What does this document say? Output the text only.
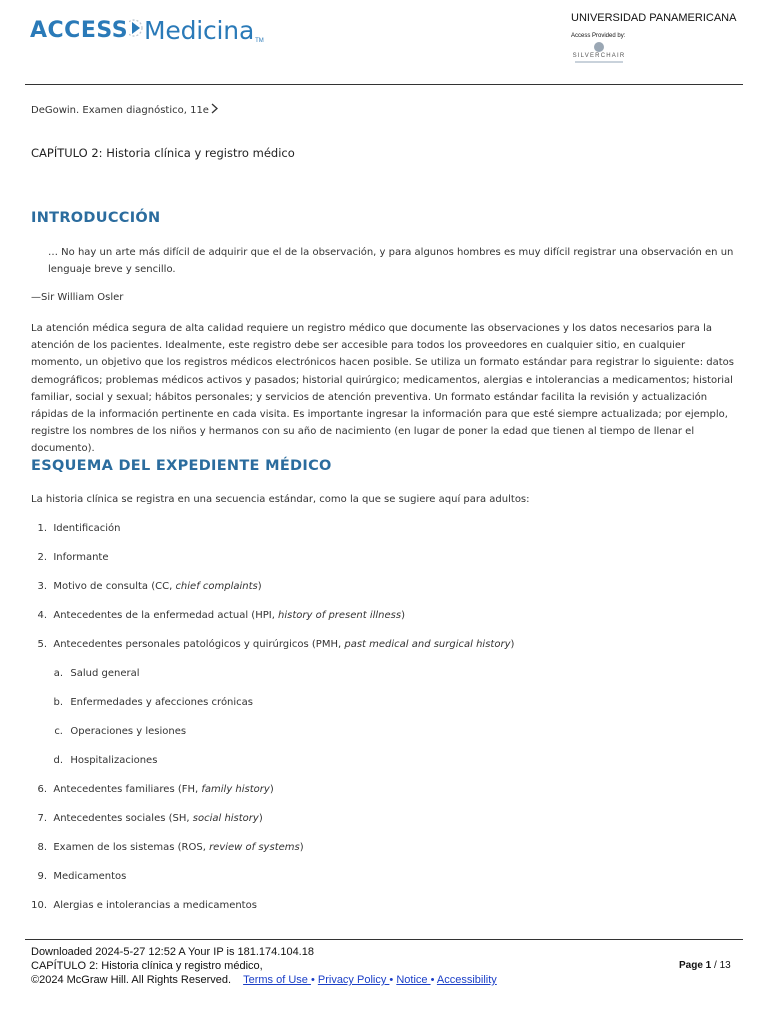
ACCESS Medicina TM
UNIVERSIDAD PANAMERICANA
Access Provided by:
SILVERCHAIR
DeGowin. Examen diagnóstico, 11e
CAPÍTULO 2: Historia clínica y registro médico
INTRODUCCIÓN
… No hay un arte más difícil de adquirir que el de la observación, y para algunos hombres es muy difícil registrar una observación en un lenguaje breve y sencillo.
—Sir William Osler
La atención médica segura de alta calidad requiere un registro médico que documente las observaciones y los datos necesarios para la atención de los pacientes. Idealmente, este registro debe ser accesible para todos los proveedores en cualquier sitio, en cualquier momento, un objetivo que los registros médicos electrónicos hacen posible. Se utiliza un formato estándar para registrar lo siguiente: datos demográficos; problemas médicos activos y pasados; historial quirúrgico; medicamentos, alergias e intolerancias a medicamentos; historial familiar, social y sexual; hábitos personales; y servicios de atención preventiva. Un formato estándar facilita la revisión y actualización rápidas de la información pertinente en cada visita. Es importante ingresar la información para que esté siempre actualizada; por ejemplo, registre los nombres de los niños y hermanos con su año de nacimiento (en lugar de poner la edad que tienen al tiempo de llenar el documento).
ESQUEMA DEL EXPEDIENTE MÉDICO
La historia clínica se registra en una secuencia estándar, como la que se sugiere aquí para adultos:
1.
Identificación
2.
Informante
3.
Motivo de consulta (CC, chief complaints)
4.
Antecedentes de la enfermedad actual (HPI, history of present illness)
5.
Antecedentes personales patológicos y quirúrgicos (PMH, past medical and surgical history)
a.
Salud general
b.
Enfermedades y afecciones crónicas
c.
Operaciones y lesiones
d.
Hospitalizaciones
6.
Antecedentes familiares (FH, family history)
7.
Antecedentes sociales (SH, social history)
8.
Examen de los sistemas (ROS, review of systems)
9.
Medicamentos
10.
Alergias e intolerancias a medicamentos
Downloaded 2024-5-27 12:52 A Your IP is 181.174.104.18
CAPÍTULO 2: Historia clínica y registro médico,
©2024 McGraw Hill. All Rights Reserved. Terms of Use • Privacy Policy • Notice • Accessibility
Page 1 / 13
